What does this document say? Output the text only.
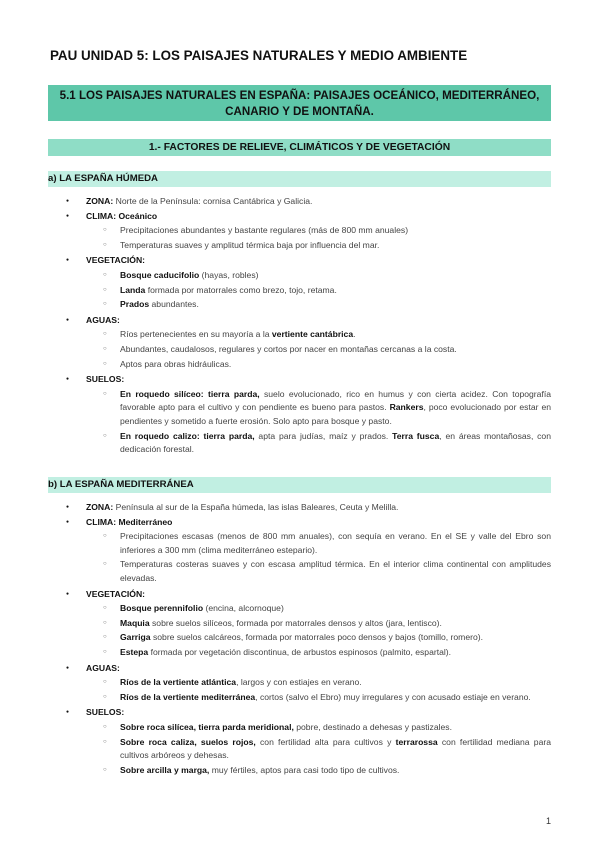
PAU UNIDAD 5: LOS PAISAJES NATURALES Y MEDIO AMBIENTE
5.1 LOS PAISAJES NATURALES EN ESPAÑA: PAISAJES OCEÁNICO, MEDITERRÁNEO, CANARIO Y DE MONTAÑA.
1.- FACTORES DE RELIEVE, CLIMÁTICOS Y DE VEGETACIÓN
a) LA ESPAÑA HÚMEDA
● ZONA: Norte de la Península: cornisa Cantábrica y Galicia.
● CLIMA: Oceánico
○ Precipitaciones abundantes y bastante regulares (más de 800 mm anuales)
○ Temperaturas suaves y amplitud térmica baja por influencia del mar.
● VEGETACIÓN:
○ Bosque caducifolio (hayas, robles)
○ Landa formada por matorrales como brezo, tojo, retama.
○ Prados abundantes.
● AGUAS:
○ Ríos pertenecientes en su mayoría a la vertiente cantábrica.
○ Abundantes, caudalosos, regulares y cortos por nacer en montañas cercanas a la costa.
○ Aptos para obras hidráulicas.
● SUELOS:
○ En roquedo silíceo: tierra parda, suelo evolucionado, rico en humus y con cierta acidez. Con topografía favorable apto para el cultivo y con pendiente es bueno para pastos. Rankers, poco evolucionado por estar en pendientes y sometido a fuerte erosión. Solo apto para bosque y pasto.
○ En roquedo calizo: tierra parda, apta para judías, maíz y prados. Terra fusca, en áreas montañosas, con dedicación forestal.
b) LA ESPAÑA MEDITERRÁNEA
● ZONA: Península al sur de la España húmeda, las islas Baleares, Ceuta y Melilla.
● CLIMA: Mediterráneo
○ Precipitaciones escasas (menos de 800 mm anuales), con sequía en verano. En el SE y valle del Ebro son inferiores a 300 mm (clima mediterráneo estepario).
○ Temperaturas costeras suaves y con escasa amplitud térmica. En el interior clima continental con amplitudes elevadas.
● VEGETACIÓN:
○ Bosque perennifolio (encina, alcornoque)
○ Maquia sobre suelos silíceos, formada por matorrales densos y altos (jara, lentisco).
○ Garriga sobre suelos calcáreos, formada por matorrales poco densos y bajos (tomillo, romero).
○ Estepa formada por vegetación discontinua, de arbustos espinosos (palmito, espartal).
● AGUAS:
○ Ríos de la vertiente atlántica, largos y con estiajes en verano.
○ Ríos de la vertiente mediterránea, cortos (salvo el Ebro) muy irregulares y con acusado estiaje en verano.
● SUELOS:
○ Sobre roca silícea, tierra parda meridional, pobre, destinado a dehesas y pastizales.
○ Sobre roca caliza, suelos rojos, con fertilidad alta para cultivos y terrarossa con fertilidad mediana para cultivos arbóreos y dehesas.
○ Sobre arcilla y marga, muy fértiles, aptos para casi todo tipo de cultivos.
1
